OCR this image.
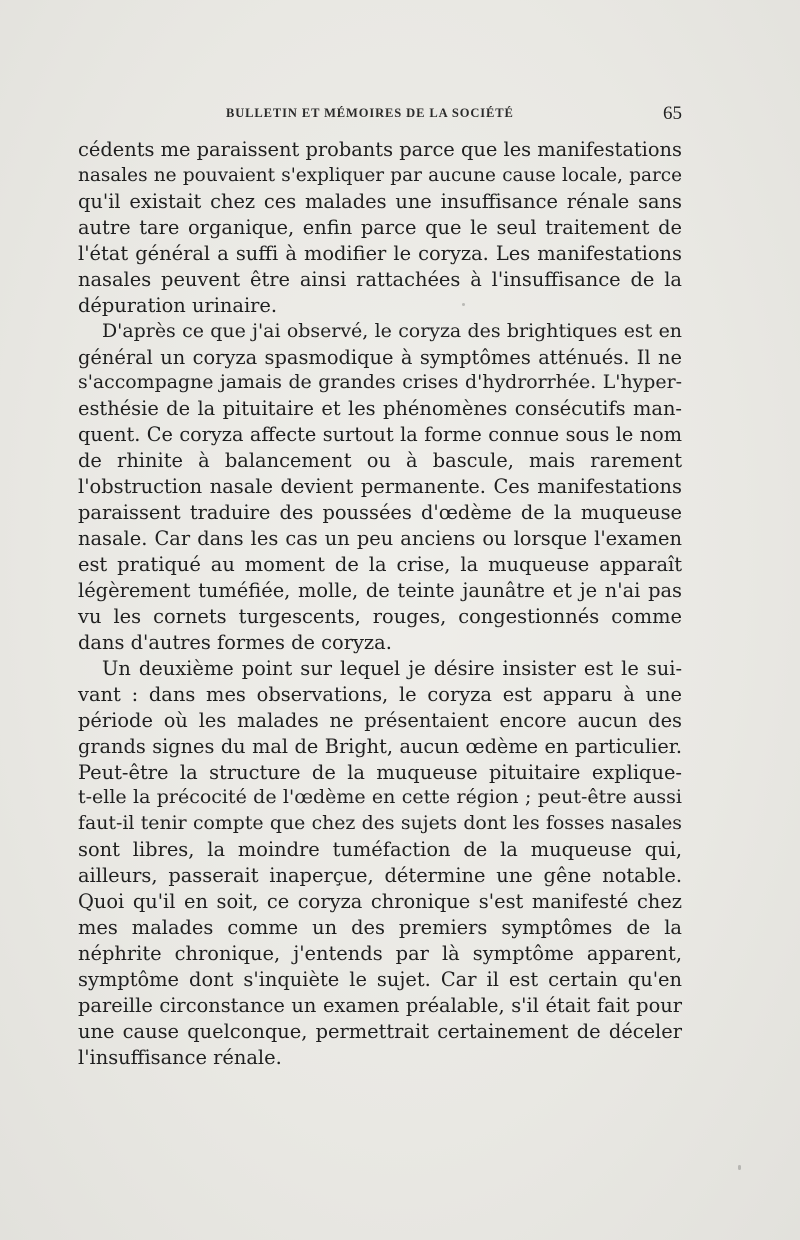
BULLETIN ET MÉMOIRES DE LA SOCIÉTÉ	65
cédents me paraissent probants parce que les manifestations
nasales ne pouvaient s'expliquer par aucune cause locale, parce
qu'il existait chez ces malades une insuffisance rénale sans
autre tare organique, enfin parce que le seul traitement de
l'état général a suffi à modifier le coryza. Les manifestations
nasales peuvent être ainsi rattachées à l'insuffisance de la
dépuration urinaire.
D'après ce que j'ai observé, le coryza des brightiques est en
général un coryza spasmodique à symptômes atténués. Il ne
s'accompagne jamais de grandes crises d'hydrorrhée. L'hyper-
esthésie de la pituitaire et les phénomènes consécutifs man-
quent. Ce coryza affecte surtout la forme connue sous le nom
de rhinite à balancement ou à bascule, mais rarement
l'obstruction nasale devient permanente. Ces manifestations
paraissent traduire des poussées d'œdème de la muqueuse
nasale. Car dans les cas un peu anciens ou lorsque l'examen
est pratiqué au moment de la crise, la muqueuse apparaît
légèrement tuméfiée, molle, de teinte jaunâtre et je n'ai pas
vu les cornets turgescents, rouges, congestionnés comme
dans d'autres formes de coryza.
Un deuxième point sur lequel je désire insister est le sui-
vant : dans mes observations, le coryza est apparu à une
période où les malades ne présentaient encore aucun des
grands signes du mal de Bright, aucun œdème en particulier.
Peut-être la structure de la muqueuse pituitaire explique-
t-elle la précocité de l'œdème en cette région ; peut-être aussi
faut-il tenir compte que chez des sujets dont les fosses nasales
sont libres, la moindre tuméfaction de la muqueuse qui,
ailleurs, passerait inaperçue, détermine une gêne notable.
Quoi qu'il en soit, ce coryza chronique s'est manifesté chez
mes malades comme un des premiers symptômes de la
néphrite chronique, j'entends par là symptôme apparent,
symptôme dont s'inquiète le sujet. Car il est certain qu'en
pareille circonstance un examen préalable, s'il était fait pour
une cause quelconque, permettrait certainement de déceler
l'insuffisance rénale.
